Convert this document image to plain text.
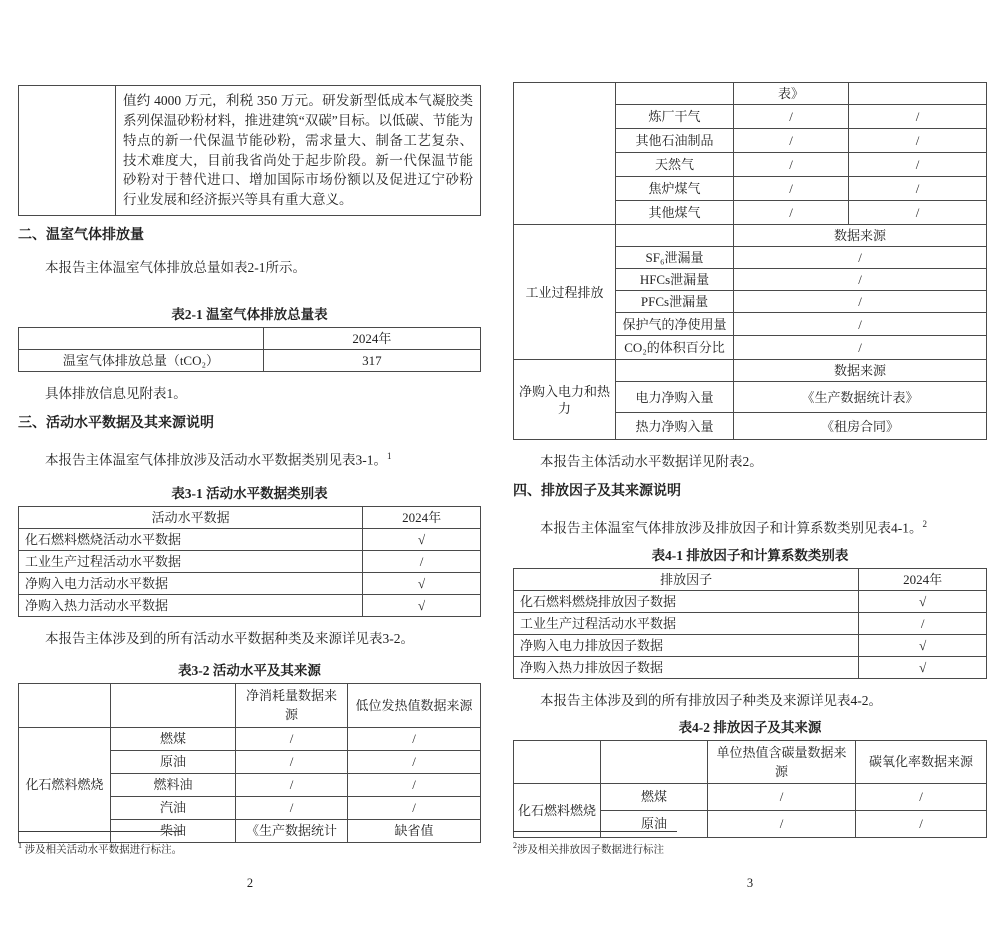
	值约 4000 万元，利税 350 万元。研发新型低成本气凝胶类系列保温砂粉材料，推进建筑“双碳”目标。以低碳、节能为特点的新一代保温节能砂粉，需求量大、制备工艺复杂、技术难度大，目前我省尚处于起步阶段。新一代保温节能砂粉对于替代进口、增加国际市场份额以及促进辽宁砂粉行业发展和经济振兴等具有重大意义。
二、温室气体排放量
本报告主体温室气体排放总量如表2-1所示。
表2-1 温室气体排放总量表
	2024年
温室气体排放总量（tCO₂）	317
具体排放信息见附表1。
三、活动水平数据及其来源说明
本报告主体温室气体排放涉及活动水平数据类别见表3-1。$^1$
表3-1 活动水平数据类别表
活动水平数据	2024年
化石燃料燃烧活动水平数据	√
工业生产过程活动水平数据	/
净购入电力活动水平数据	√
净购入热力活动水平数据	√
本报告主体涉及到的所有活动水平数据种类及来源详见表3-2。
表3-2 活动水平及其来源
		净消耗量数据来源	低位发热值数据来源
化石燃料燃烧	燃煤	/	/
	原油	/	/
	燃料油	/	/
	汽油	/	/
	柴油	《生产数据统计	缺省值
$^1$ 涉及相关活动水平数据进行标注。
2
		表》	
	炼厂干气	/	/
	其他石油制品	/	/
	天然气	/	/
	焦炉煤气	/	/
	其他煤气	/	/
工业过程排放		数据来源	
	SF₆泄漏量	/	
	HFCs泄漏量	/	
	PFCs泄漏量	/	
	保护气的净使用量	/	
	CO₂的体积百分比	/	
净购入电力和热力		数据来源	
	电力净购入量	《生产数据统计表》	
	热力净购入量	《租房合同》	
本报告主体活动水平数据详见附表2。
四、排放因子及其来源说明
本报告主体温室气体排放涉及排放因子和计算系数类别见表4-1。$^2$
表4-1 排放因子和计算系数类别表
排放因子	2024年
化石燃料燃烧排放因子数据	√
工业生产过程活动水平数据	/
净购入电力排放因子数据	√
净购入热力排放因子数据	√
本报告主体涉及到的所有排放因子种类及来源详见表4-2。
表4-2 排放因子及其来源
		单位热值含碳量数据来源	碳氧化率数据来源
化石燃料燃烧	燃煤	/	/
	原油	/	/
$^2$涉及相关排放因子数据进行标注
3
